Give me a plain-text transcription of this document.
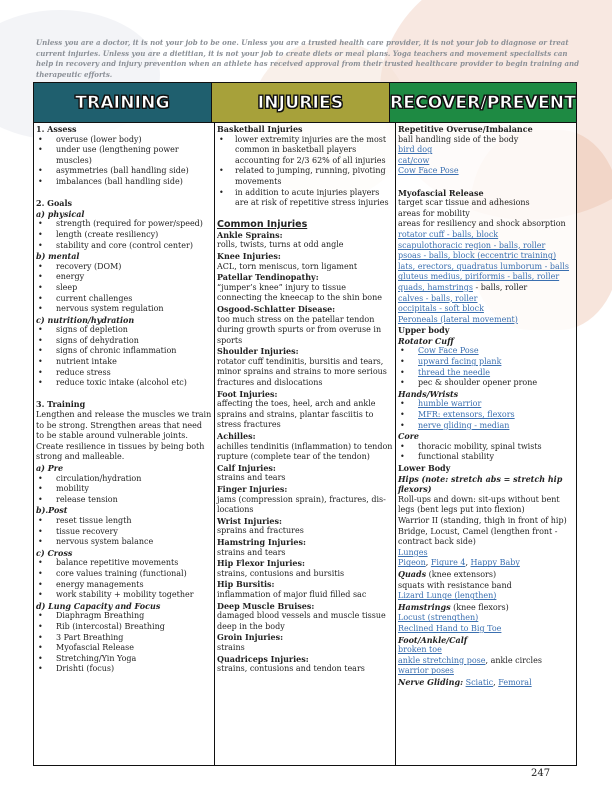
Unless you are a doctor, it is not your job to be one. Unless you are a trusted health care provider, it is not your job to diagnose or treat current injuries. Unless you are a dietitian, it is not your job to create diets or meal plans. Yoga teachers and movement specialists can help in recovery and injury prevention when an athlete has received approval from their trusted healthcare provider to begin training and therapeutic efforts.
TRAINING	INJURIES	RECOVER/PREVENT
1. Assess
• overuse (lower body)
• under use (lengthening power muscles)
• asymmetries (ball handling side)
• imbalances (ball handling side)
2. Goals
a) physical
• strength (required for power/speed)
• length (create resiliency)
• stability and core (control center)
b) mental
• recovery (DOM)
• energy
• sleep
• current challenges
• nervous system regulation
c) nutrition/hydration
• signs of depletion
• signs of dehydration
• signs of chronic inflammation
• nutrient intake
• reduce stress
• reduce toxic intake (alcohol etc)
3. Training
Lengthen and release the muscles we train to be strong. Strengthen areas that need to be stable around vulnerable joints. Create resilience in tissues by being both strong and malleable.
a) Pre
• circulation/hydration
• mobility
• release tension
b).Post
• reset tissue length
• tissue recovery
• nervous system balance
c) Cross
• balance repetitive movements
• core values training (functional)
• energy managements
• work stability + mobility together
d) Lung Capacity and Focus
• Diaphragm Breathing
• Rib (intercostal) Breathing
• 3 Part Breathing
• Myofascial Release
• Stretching/Yin Yoga
• Drishti (focus)
Basketball Injuries
• lower extremity injuries are the most common in basketball players accounting for 2/3 62% of all injuries
• related to jumping, running, pivoting movements
• in addition to acute injuries players are at risk of repetitive stress injuries
Common Injuries
Ankle Sprains:
rolls, twists, turns at odd angle
Knee Injuries:
ACL, torn meniscus, torn ligament
Patellar Tendinopathy:
“jumper’s knee” injury to tissue connecting the kneecap to the shin bone
Osgood-Schlatter Disease:
too much stress on the patellar tendon during growth spurts or from overuse in sports
Shoulder Injuries:
rotator cuff tendinitis, bursitis and tears, minor sprains and strains to more serious fractures and dislocations
Foot Injuries:
affecting the toes, heel, arch and ankle sprains and strains, plantar fasciitis to stress fractures
Achilles:
achilles tendinitis (inflammation) to tendon rupture (complete tear of the tendon)
Calf Injuries:
strains and tears
Finger Injuries:
jams (compression sprain), fractures, dis-locations
Wrist Injuries:
sprains and fractures
Hamstring Injuries:
strains and tears
Hip Flexor Injuries:
strains, contusions and bursitis
Hip Bursitis:
inflammation of major fluid filled sac
Deep Muscle Bruises:
damaged blood vessels and muscle tissue deep in the body
Groin Injuries:
strains
Quadriceps Injuries:
strains, contusions and tendon tears
Repetitive Overuse/Imbalance
ball handling side of the body
bird dog
cat/cow
Cow Face Pose
Myofascial Release
target scar tissue and adhesions
areas for mobility
areas for resiliency and shock absorption
rotator cuff - balls, block
scapulothoracic region - balls, roller
psoas - balls, block (eccentric training)
lats, erectors, quadratus lumborum - balls
gluteus medius, piriformis - balls, roller
quads, hamstrings - balls, roller
calves - balls, roller
occipitals - soft block
Peroneals (lateral movement)
Upper body
Rotator Cuff
• Cow Face Pose
• upward facing plank
• thread the needle
• pec & shoulder opener prone
Hands/Wrists
• humble warrior
• MFR: extensors, flexors
• nerve gliding - median
Core
• thoracic mobility, spinal twists
• functional stability
Lower Body
Hips (note: stretch abs = stretch hip flexors)
Roll-ups and down: sit-ups without bent legs (bent legs put into flexion)
Warrior II (standing, thigh in front of hip)
Bridge, Locust, Camel (lengthen front - contract back side)
Lunges
Pigeon, Figure 4, Happy Baby
Quads (knee extensors)
squats with resistance band
Lizard Lunge (lengthen)
Hamstrings (knee flexors)
Locust (strengthen)
Reclined Hand to Big Toe
Foot/Ankle/Calf
broken toe
ankle stretching pose, ankle circles
warrior poses
Nerve Gliding: Sciatic, Femoral
247
